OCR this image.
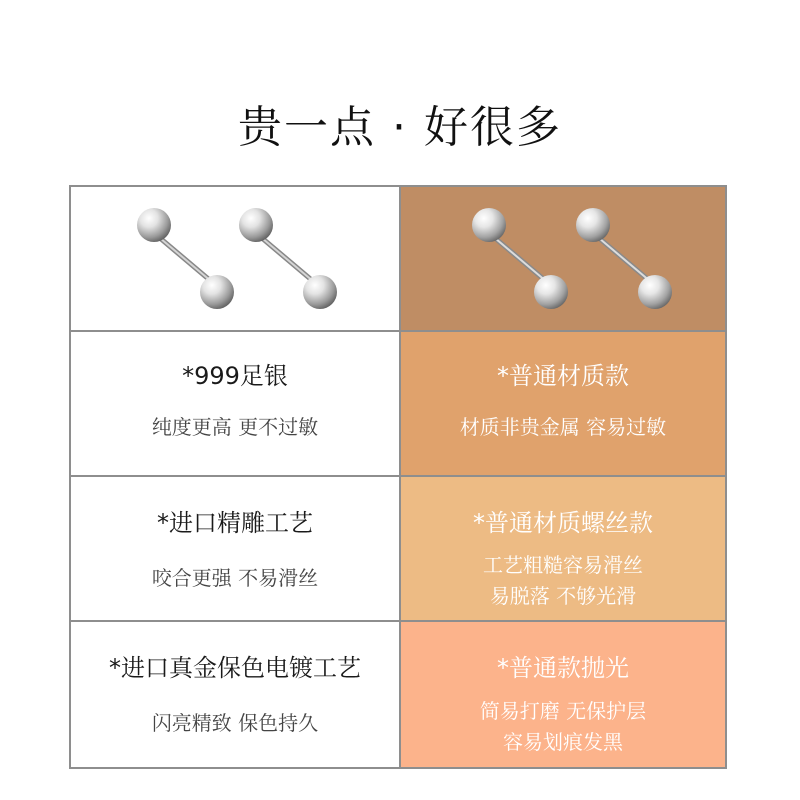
贵一点 · 好很多
*999足银
纯度更高 更不过敏
*普通材质款
材质非贵金属 容易过敏
*进口精雕工艺
咬合更强 不易滑丝
*普通材质螺丝款
工艺粗糙容易滑丝
易脱落 不够光滑
*进口真金保色电镀工艺
闪亮精致 保色持久
*普通款抛光
简易打磨 无保护层
容易划痕发黑
